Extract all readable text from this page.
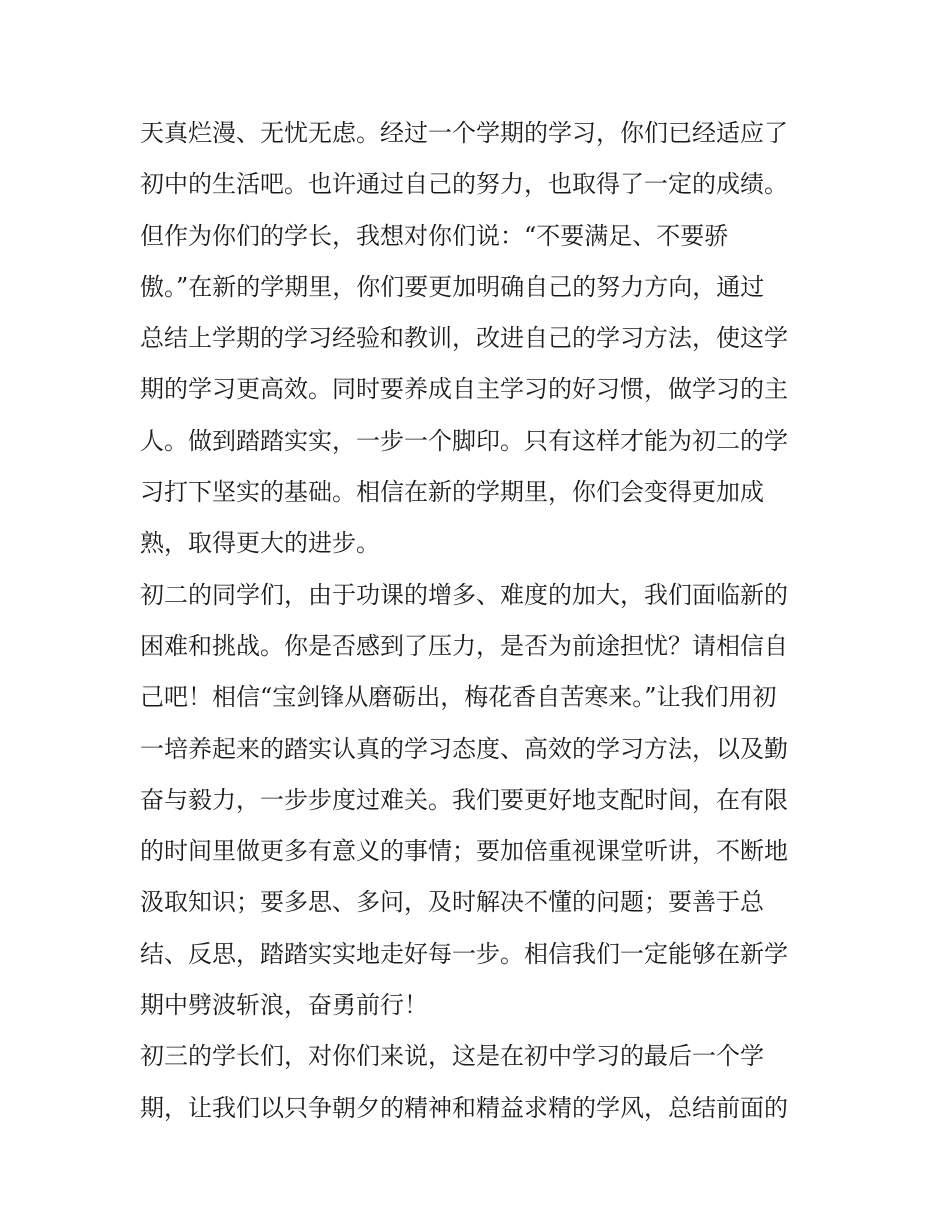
天真烂漫、无忧无虑。经过一个学期的学习，你们已经适应了
初中的生活吧。也许通过自己的努力，也取得了一定的成绩。
但作为你们的学长，我想对你们说：“不要满足、不要骄
傲。”在新的学期里，你们要更加明确自己的努力方向，通过
总结上学期的学习经验和教训，改进自己的学习方法，使这学
期的学习更高效。同时要养成自主学习的好习惯，做学习的主
人。做到踏踏实实，一步一个脚印。只有这样才能为初二的学
习打下坚实的基础。相信在新的学期里，你们会变得更加成
熟，取得更大的进步。
初二的同学们，由于功课的增多、难度的加大，我们面临新的
困难和挑战。你是否感到了压力，是否为前途担忧？请相信自
己吧！相信“宝剑锋从磨砺出，梅花香自苦寒来。”让我们用初
一培养起来的踏实认真的学习态度、高效的学习方法，以及勤
奋与毅力，一步步度过难关。我们要更好地支配时间，在有限
的时间里做更多有意义的事情；要加倍重视课堂听讲，不断地
汲取知识；要多思、多问，及时解决不懂的问题；要善于总
结、反思，踏踏实实地走好每一步。相信我们一定能够在新学
期中劈波斩浪，奋勇前行！
初三的学长们，对你们来说，这是在初中学习的最后一个学
期，让我们以只争朝夕的精神和精益求精的学风，总结前面的
